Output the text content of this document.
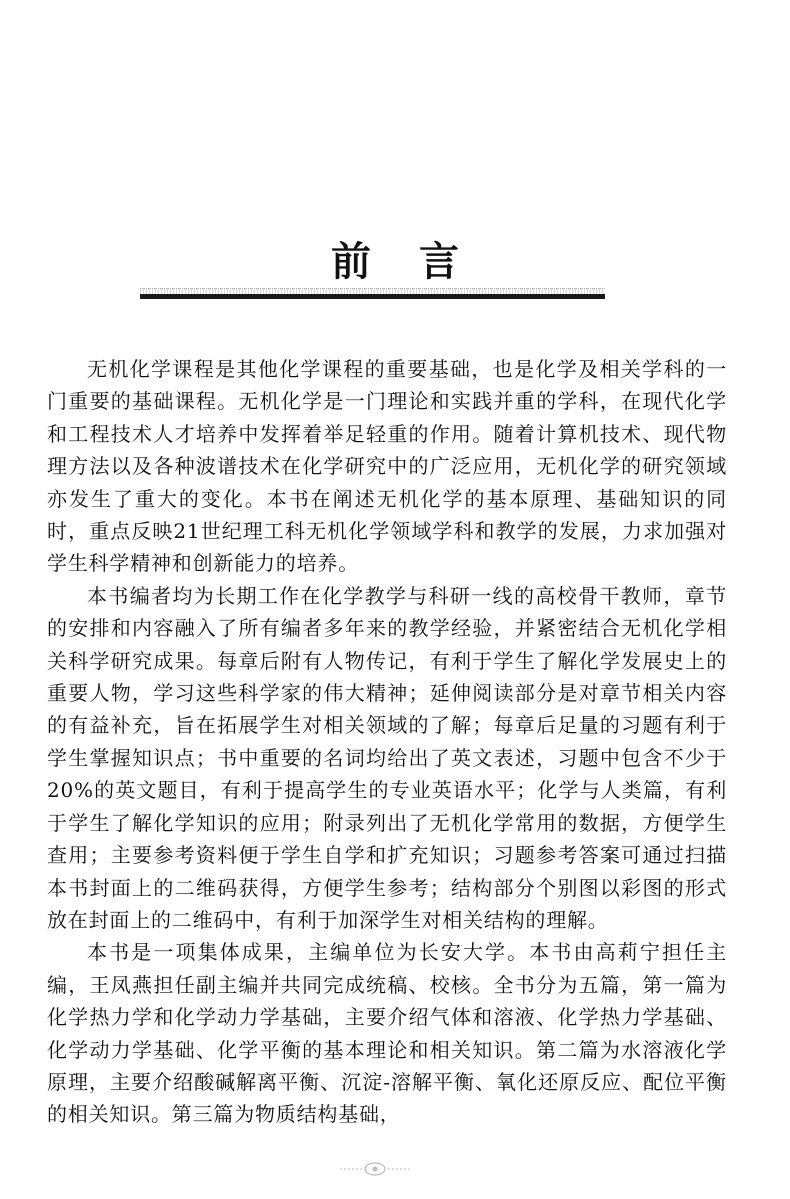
前言

无机化学课程是其他化学课程的重要基础，也是化学及相关学科的一门重要的基础课程。无机化学是一门理论和实践并重的学科，在现代化学和工程技术人才培养中发挥着举足轻重的作用。随着计算机技术、现代物理方法以及各种波谱技术在化学研究中的广泛应用，无机化学的研究领域亦发生了重大的变化。本书在阐述无机化学的基本原理、基础知识的同时，重点反映21世纪理工科无机化学领域学科和教学的发展，力求加强对学生科学精神和创新能力的培养。

本书编者均为长期工作在化学教学与科研一线的高校骨干教师，章节的安排和内容融入了所有编者多年来的教学经验，并紧密结合无机化学相关科学研究成果。每章后附有人物传记，有利于学生了解化学发展史上的重要人物，学习这些科学家的伟大精神；延伸阅读部分是对章节相关内容的有益补充，旨在拓展学生对相关领域的了解；每章后足量的习题有利于学生掌握知识点；书中重要的名词均给出了英文表述，习题中包含不少于20%的英文题目，有利于提高学生的专业英语水平；化学与人类篇，有利于学生了解化学知识的应用；附录列出了无机化学常用的数据，方便学生查用；主要参考资料便于学生自学和扩充知识；习题参考答案可通过扫描本书封面上的二维码获得，方便学生参考；结构部分个别图以彩图的形式放在封面上的二维码中，有利于加深学生对相关结构的理解。

本书是一项集体成果，主编单位为长安大学。本书由高莉宁担任主编，王凤燕担任副主编并共同完成统稿、校核。全书分为五篇，第一篇为化学热力学和化学动力学基础，主要介绍气体和溶液、化学热力学基础、化学动力学基础、化学平衡的基本理论和相关知识。第二篇为水溶液化学原理，主要介绍酸碱解离平衡、沉淀-溶解平衡、氧化还原反应、配位平衡的相关知识。第三篇为物质结构基础，
